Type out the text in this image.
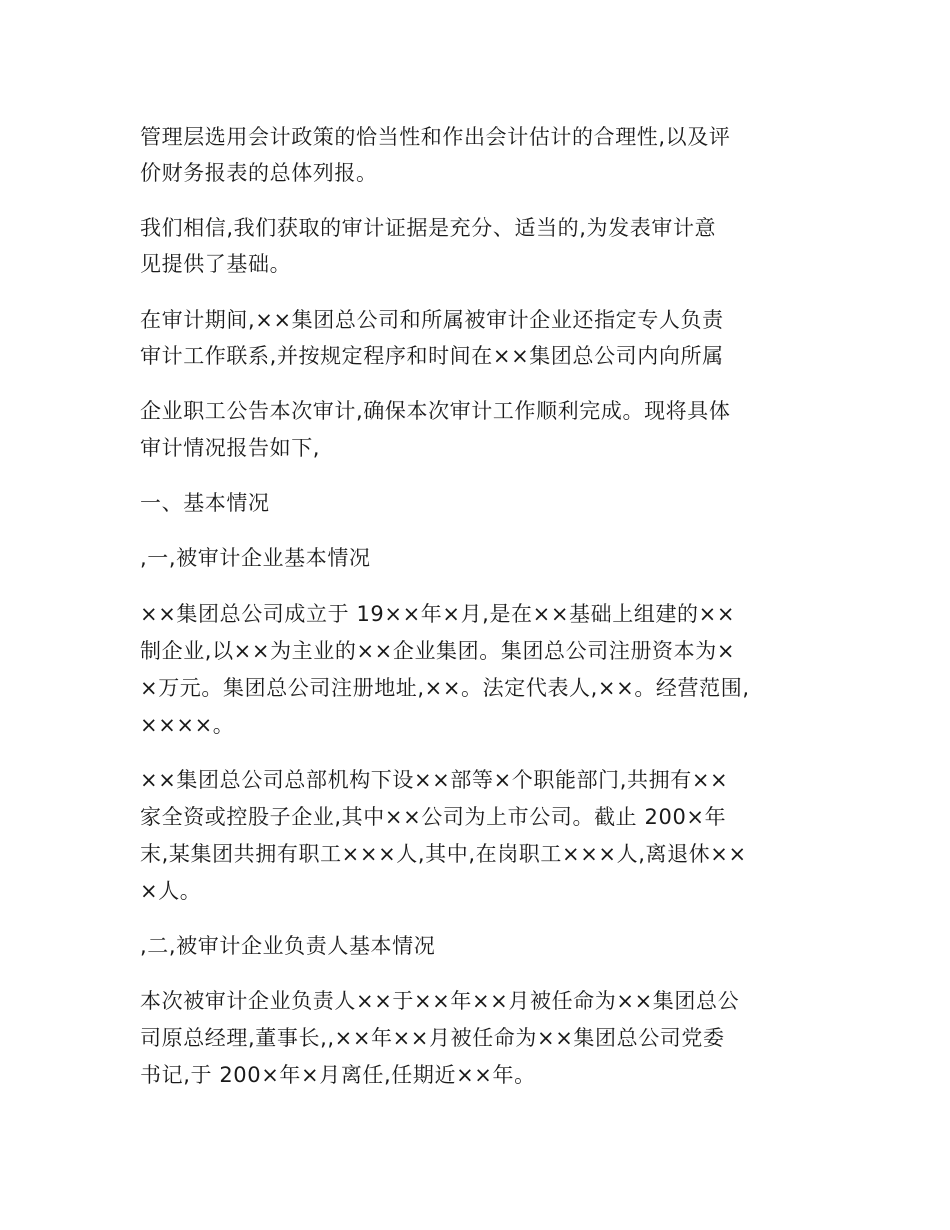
管理层选用会计政策的恰当性和作出会计估计的合理性,以及评
价财务报表的总体列报。
我们相信,我们获取的审计证据是充分、适当的,为发表审计意
见提供了基础。
在审计期间,××集团总公司和所属被审计企业还指定专人负责
审计工作联系,并按规定程序和时间在××集团总公司内向所属
企业职工公告本次审计,确保本次审计工作顺利完成。现将具体
审计情况报告如下,
一、基本情况
,一,被审计企业基本情况
××集团总公司成立于 19××年×月,是在××基础上组建的××
制企业,以××为主业的××企业集团。集团总公司注册资本为×
×万元。集团总公司注册地址,××。法定代表人,××。经营范围,
××××。
××集团总公司总部机构下设××部等×个职能部门,共拥有××
家全资或控股子企业,其中××公司为上市公司。截止 200×年
末,某集团共拥有职工×××人,其中,在岗职工×××人,离退休××
×人。
,二,被审计企业负责人基本情况
本次被审计企业负责人××于××年××月被任命为××集团总公
司原总经理,董事长,,××年××月被任命为××集团总公司党委
书记,于 200×年×月离任,任期近××年。
